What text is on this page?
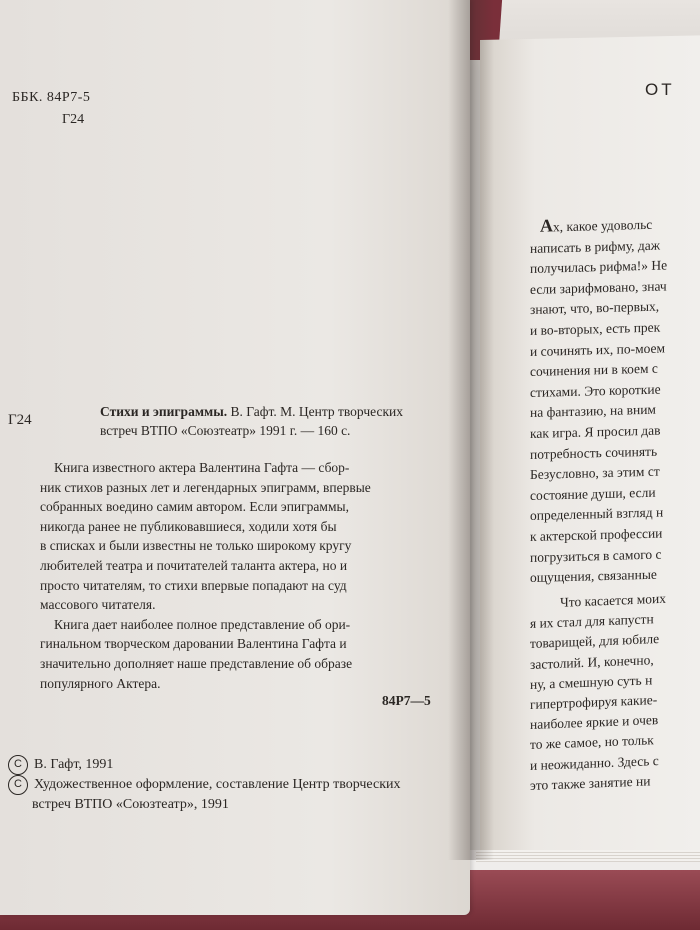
ББК. 84Р7-5
Г24
Г24
Стихи и эпиграммы. В. Гафт. М. Центр творческих
встреч ВТПО «Союзтеатр» 1991 г. — 160 с.
Книга известного актера Валентина Гафта — сбор-
ник стихов разных лет и легендарных эпиграмм, впервые
собранных воедино самим автором. Если эпиграммы,
никогда ранее не публиковавшиеся, ходили хотя бы
в списках и были известны не только широкому кругу
любителей театра и почитателей таланта актера, но и
просто читателям, то стихи впервые попадают на суд
массового читателя.
Книга дает наиболее полное представление об ори-
гинальном творческом даровании Валентина Гафта и
значительно дополняет наше представление об образе
популярного Актера.
84Р7—5
C В. Гафт, 1991
C Художественное оформление, составление Центр творческих
встреч ВТПО «Союзтеатр», 1991
ОТ
Ах, какое удовольс
написать в рифму, даж
получилась рифма!» Не
если зарифмовано, знач
знают, что, во-первых,
и во-вторых, есть прек
и сочинять их, по-моем
сочинения ни в коем с
стихами. Это короткие
на фантазию, на вним
как игра. Я просил дав
потребность сочинять
Безусловно, за этим ст
состояние души, если
определенный взгляд н
к актерской профессии
погрузиться в самого с
ощущения, связанные
Что касается моих
я их стал для капустн
товарищей, для юбиле
застолий. И, конечно,
ну, а смешную суть н
гипертрофируя какие-
наиболее яркие и очев
то же самое, но тольк
и неожиданно. Здесь с
это также занятие ни
